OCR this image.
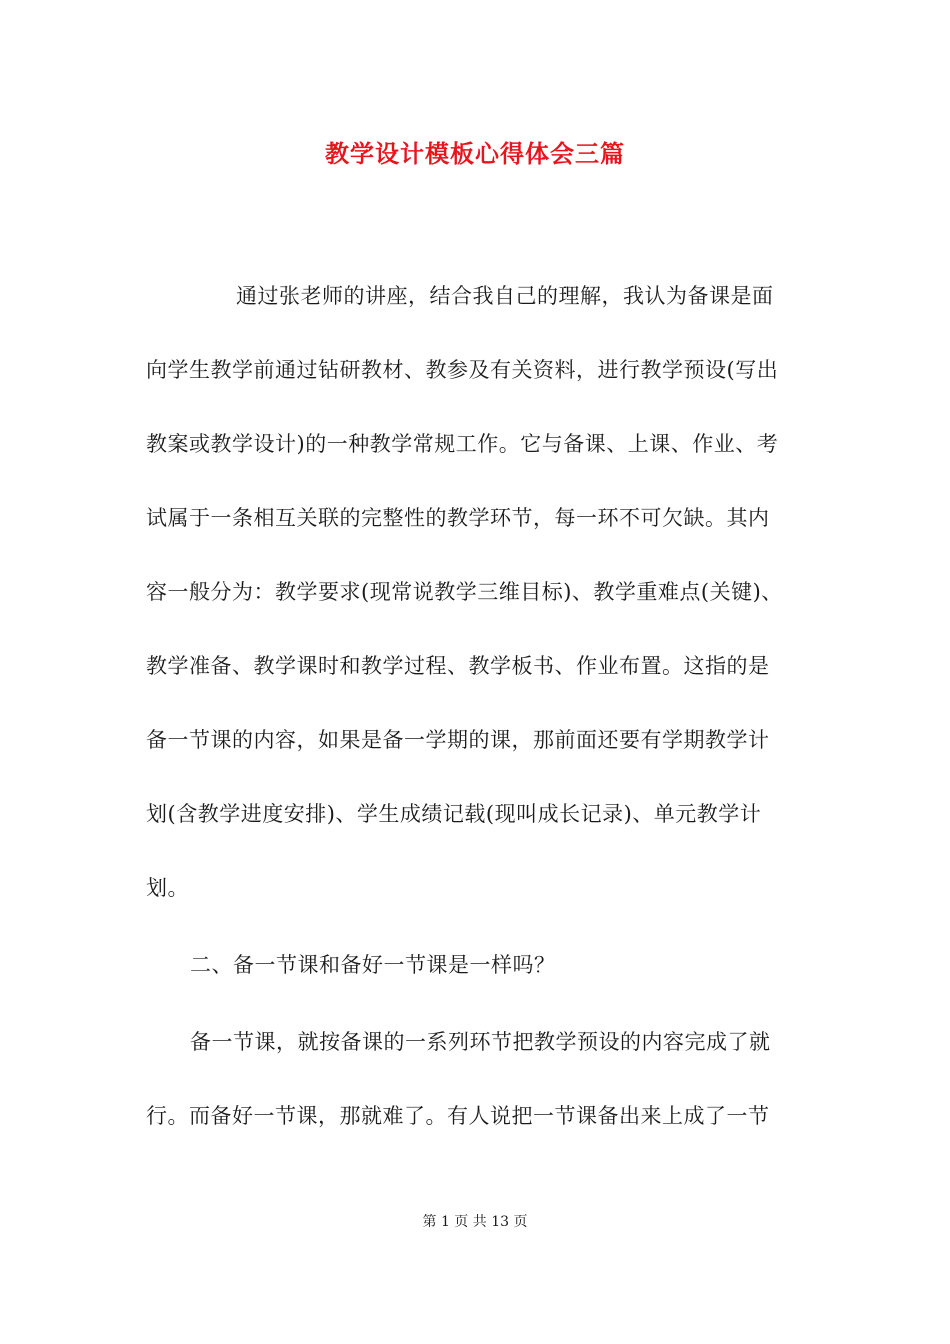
教学设计模板心得体会三篇
通过张老师的讲座，结合我自己的理解，我认为备课是面
向学生教学前通过钻研教材、教参及有关资料，进行教学预设(写出
教案或教学设计)的一种教学常规工作。它与备课、上课、作业、考
试属于一条相互关联的完整性的教学环节，每一环不可欠缺。其内
容一般分为：教学要求(现常说教学三维目标)、教学重难点(关键)、
教学准备、教学课时和教学过程、教学板书、作业布置。这指的是
备一节课的内容，如果是备一学期的课，那前面还要有学期教学计
划(含教学进度安排)、学生成绩记载(现叫成长记录)、单元教学计
划。
二、备一节课和备好一节课是一样吗？
备一节课，就按备课的一系列环节把教学预设的内容完成了就
行。而备好一节课，那就难了。有人说把一节课备出来上成了一节
第 1 页 共 13 页
